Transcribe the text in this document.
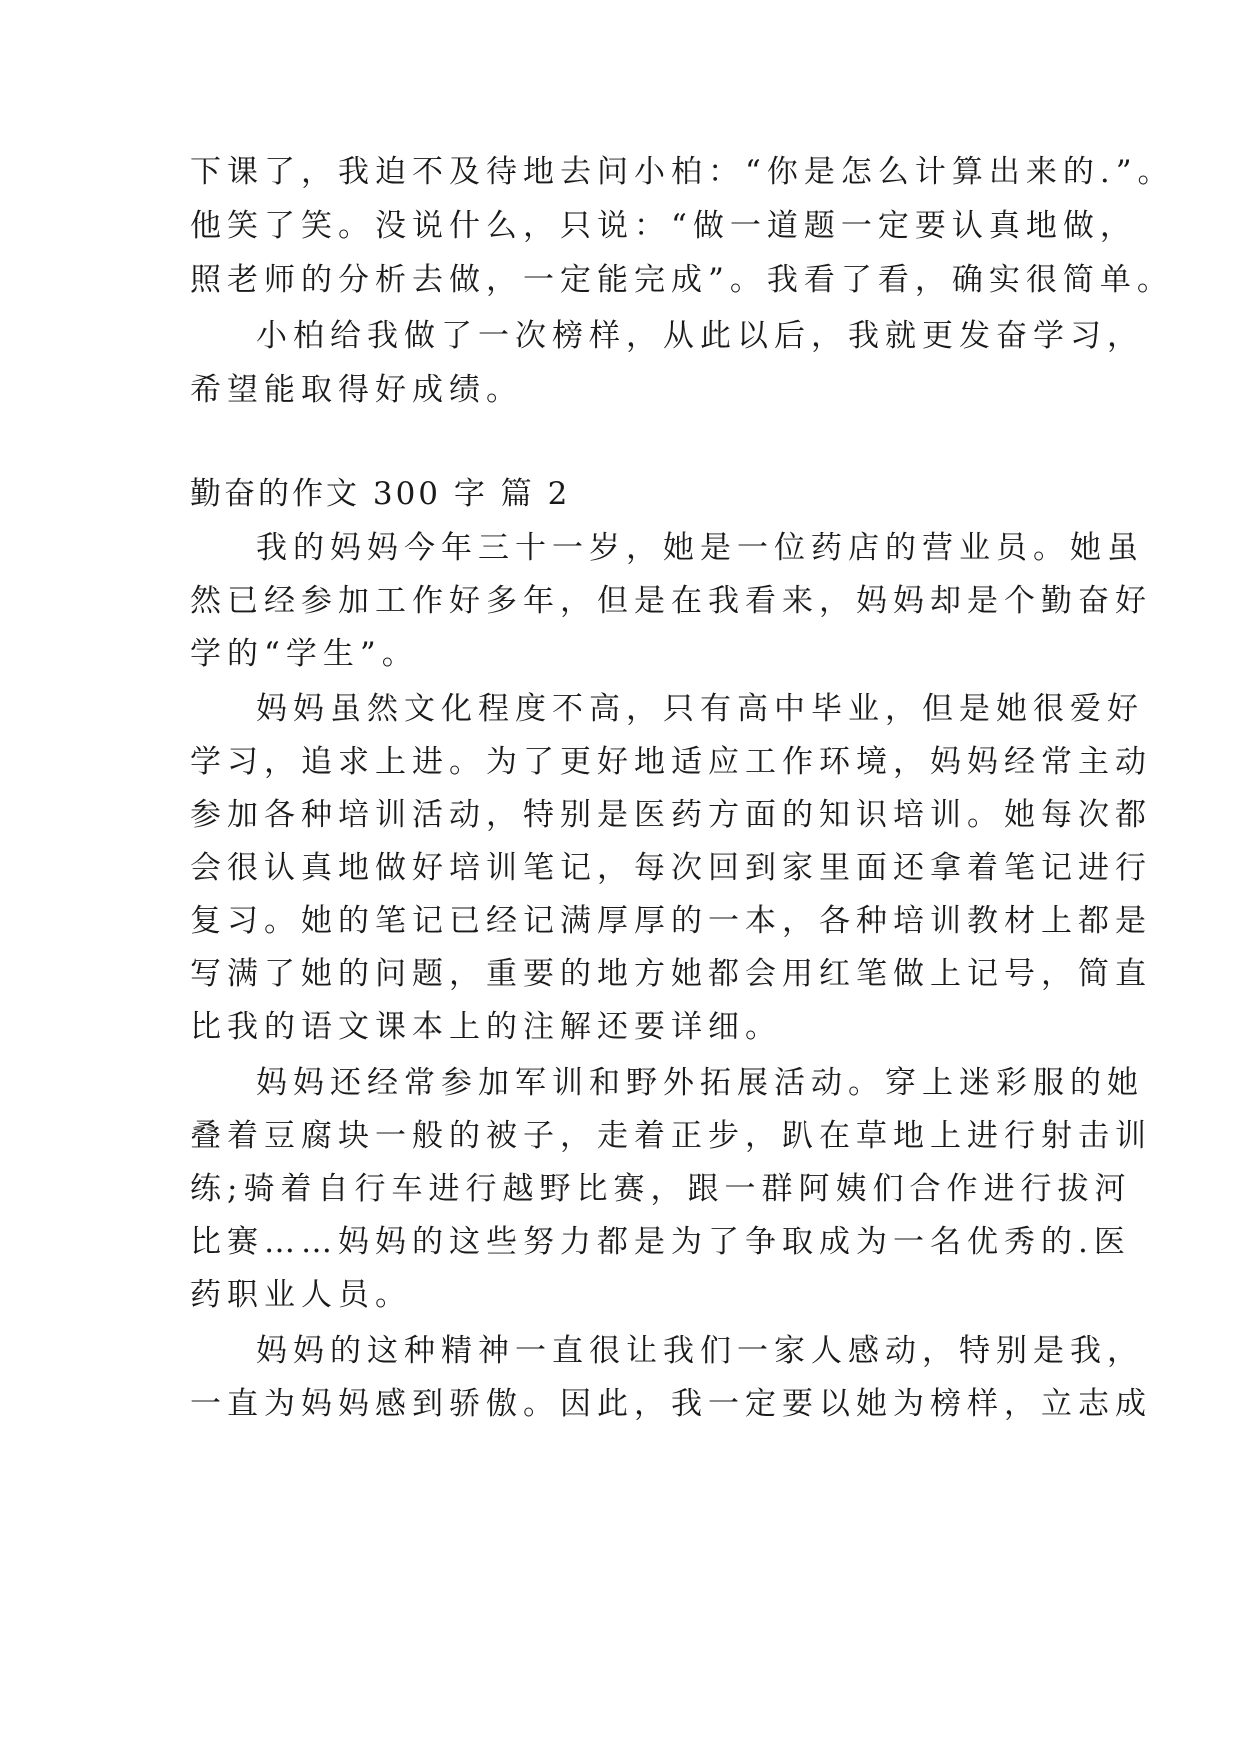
下课了，我迫不及待地去问小柏：“你是怎么计算出来的.”。
他笑了笑。没说什么，只说：“做一道题一定要认真地做，
照老师的分析去做，一定能完成”。我看了看，确实很简单。
小柏给我做了一次榜样，从此以后，我就更发奋学习，
希望能取得好成绩。
勤奋的作文 300 字 篇 2
我的妈妈今年三十一岁，她是一位药店的营业员。她虽
然已经参加工作好多年，但是在我看来，妈妈却是个勤奋好
学的“学生”。
妈妈虽然文化程度不高，只有高中毕业，但是她很爱好
学习，追求上进。为了更好地适应工作环境，妈妈经常主动
参加各种培训活动，特别是医药方面的知识培训。她每次都
会很认真地做好培训笔记，每次回到家里面还拿着笔记进行
复习。她的笔记已经记满厚厚的一本，各种培训教材上都是
写满了她的问题，重要的地方她都会用红笔做上记号，简直
比我的语文课本上的注解还要详细。
妈妈还经常参加军训和野外拓展活动。穿上迷彩服的她
叠着豆腐块一般的被子，走着正步，趴在草地上进行射击训
练;骑着自行车进行越野比赛，跟一群阿姨们合作进行拔河
比赛……妈妈的这些努力都是为了争取成为一名优秀的.医
药职业人员。
妈妈的这种精神一直很让我们一家人感动，特别是我，
一直为妈妈感到骄傲。因此，我一定要以她为榜样，立志成
